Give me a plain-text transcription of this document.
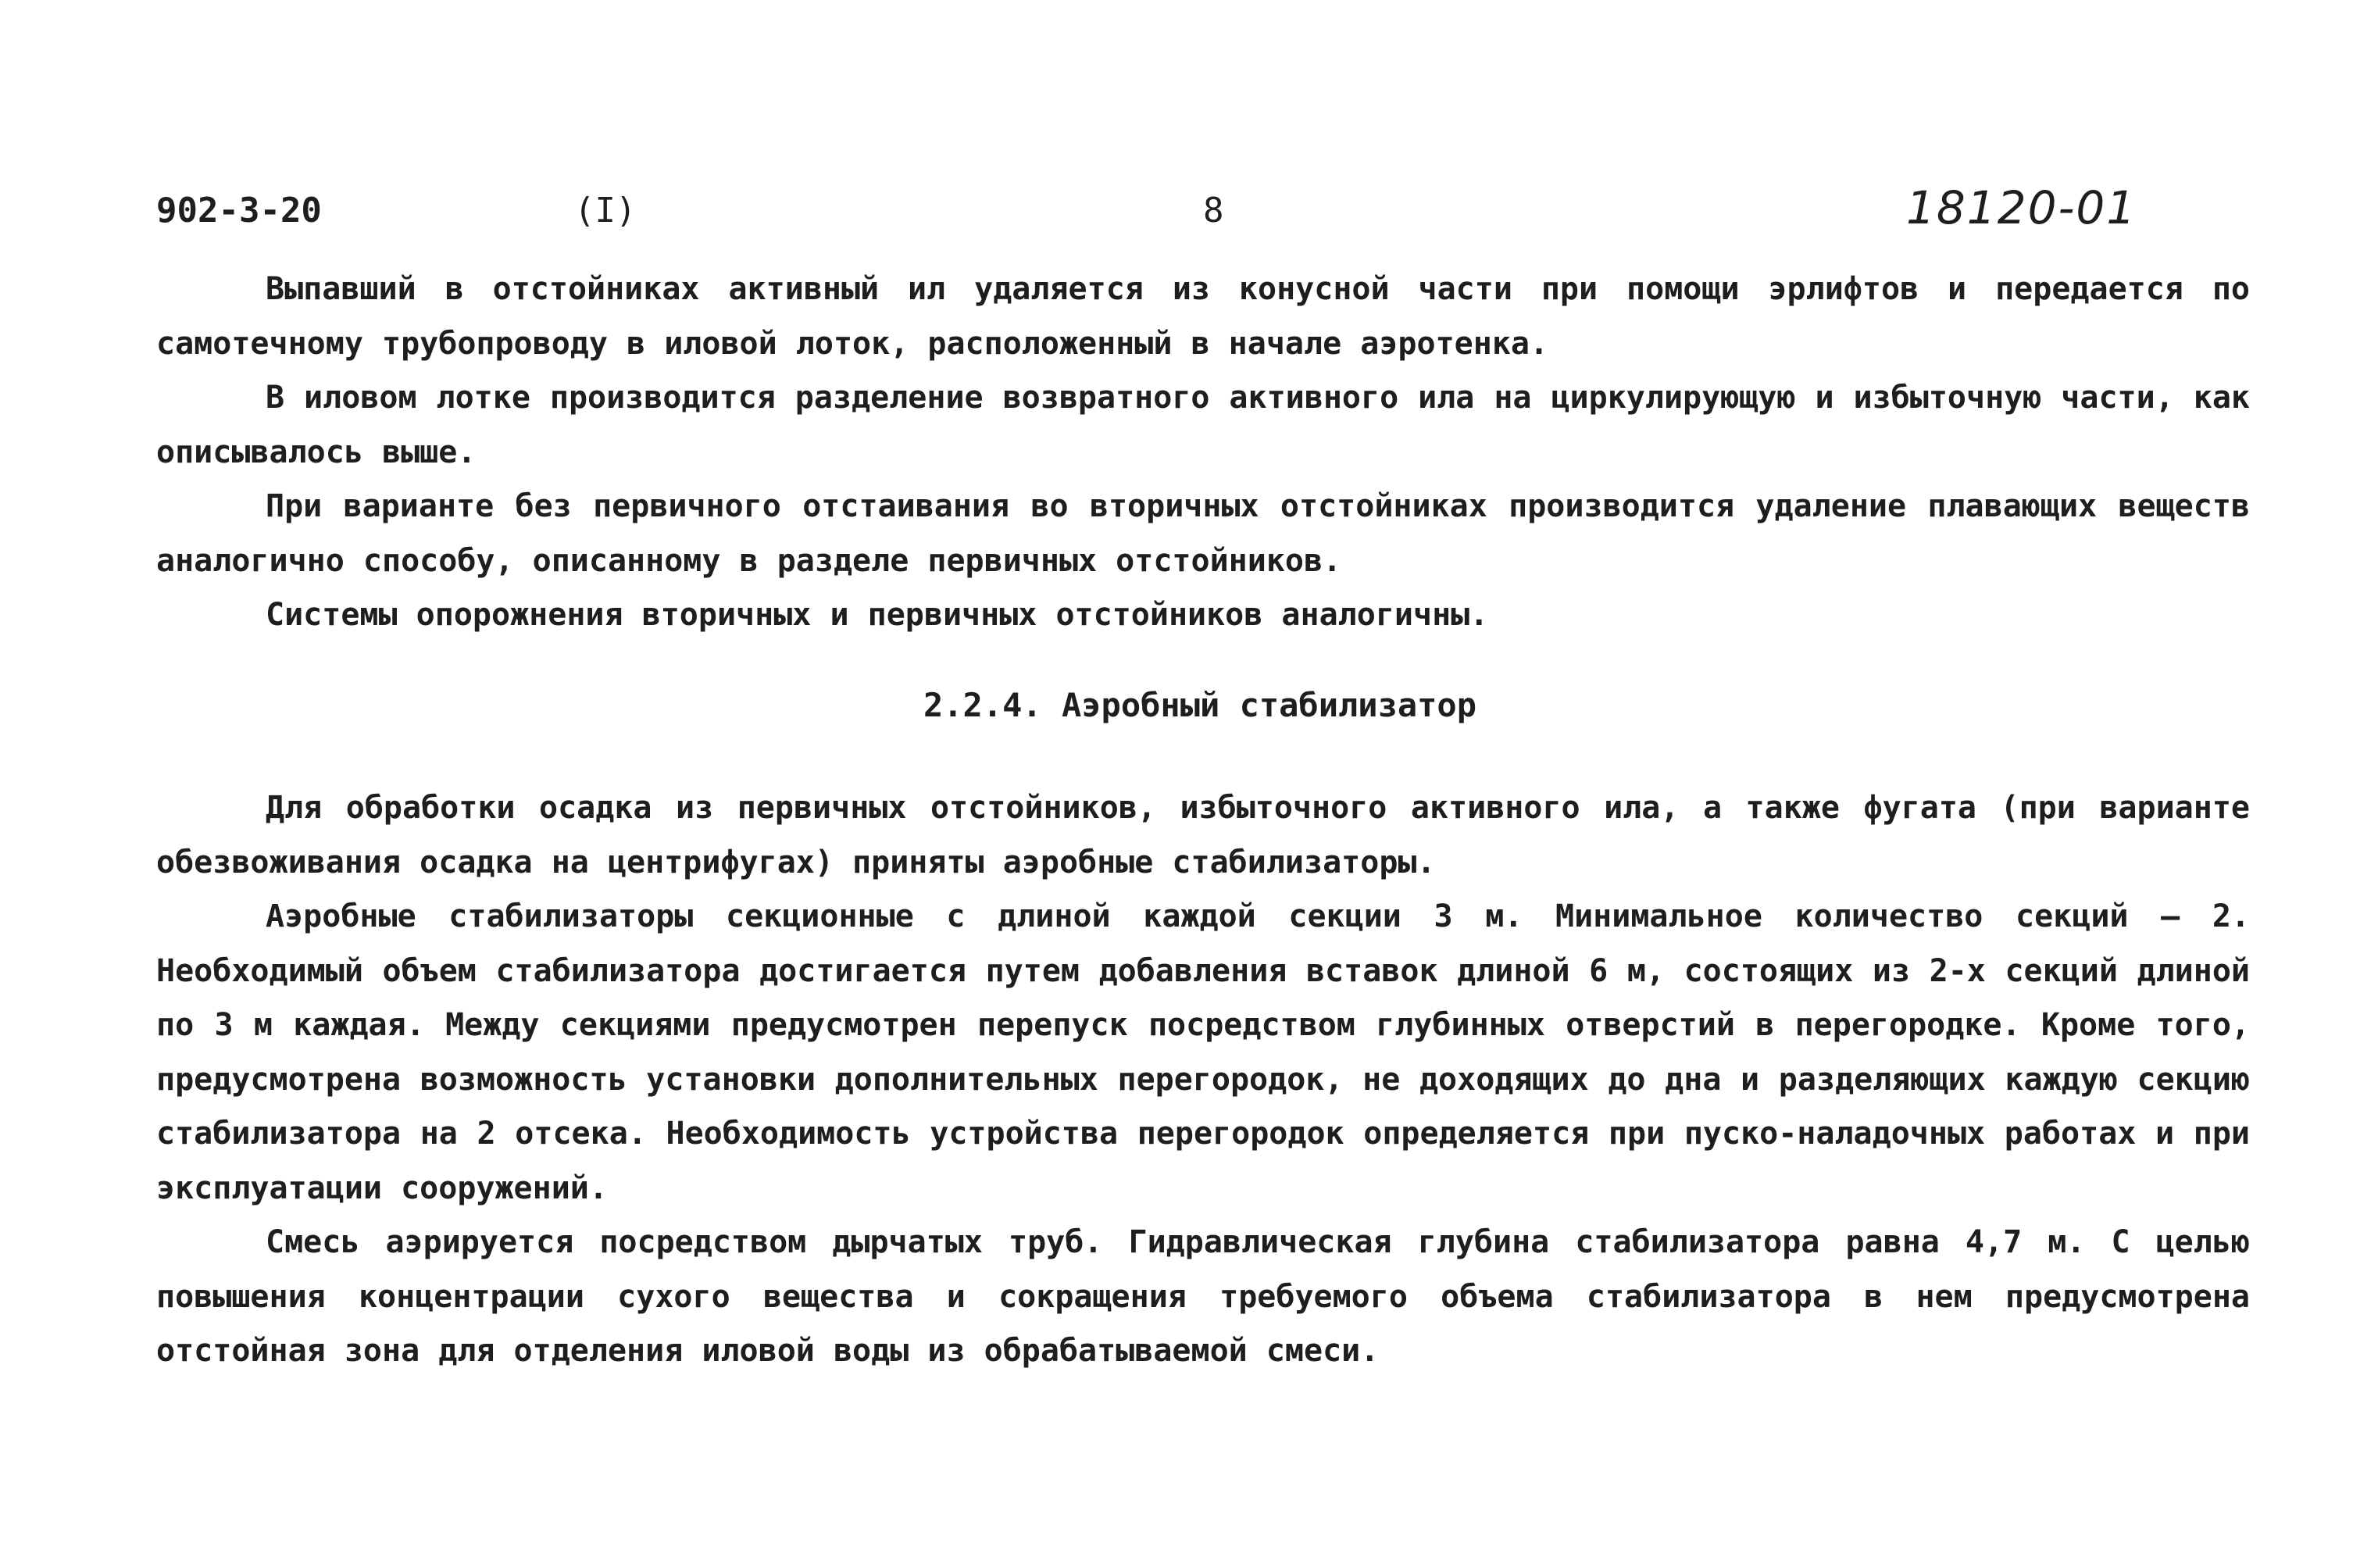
902-3-20	(I)	8	18120-01

Выпавший в отстойниках активный ил удаляется из конусной части при помощи эрлифтов и передается по самотечному трубопроводу в иловой лоток, расположенный в начале аэротенка.

В иловом лотке производится разделение возвратного активного ила на циркулирующую и избыточную части, как описывалось выше.

При варианте без первичного отстаивания во вторичных отстойниках производится удаление плавающих веществ аналогично способу, описанному в разделе первичных отстойников.

Системы опорожнения вторичных и первичных отстойников аналогичны.

2.2.4. Аэробный стабилизатор

Для обработки осадка из первичных отстойников, избыточного активного ила, а также фугата (при варианте обезвоживания осадка на центрифугах) приняты аэробные стабилизаторы.

Аэробные стабилизаторы секционные с длиной каждой секции 3 м. Минимальное количество секций – 2. Необходимый объем стабилизатора достигается путем добавления вставок длиной 6 м, состоящих из 2-х секций длиной по 3 м каждая. Между секциями предусмотрен перепуск посредством глубинных отверстий в перегородке. Кроме того, предусмотрена возможность установки дополнительных перегородок, не доходящих до дна и разделяющих каждую секцию стабилизатора на 2 отсека. Необходимость устройства перегородок определяется при пуско-наладочных работах и при эксплуатации сооружений.

Смесь аэрируется посредством дырчатых труб. Гидравлическая глубина стабилизатора равна 4,7 м. С целью повышения концентрации сухого вещества и сокращения требуемого объема стабилизатора в нем предусмотрена отстойная зона для отделения иловой воды из обрабатываемой смеси.
